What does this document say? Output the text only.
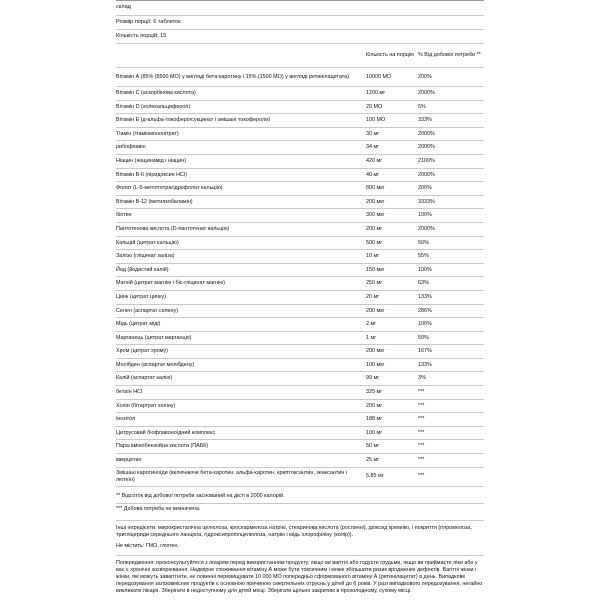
склад
Розмір порції: 6 таблеток
Кількість порцій: 15
Кількість на порцію % Від добової потреби **
Вітамін А (85% (8500 МО) у вигляді бета-каротину і 15% (1500 МО) у вигляді ретинілацетата)	10000 МО	200%
Вітамін С (аскорбінова кислота)	1200 мг	2000%
Вітамін D (холекальциферол)	20 МО	5%
Вітамін Е (д-альфа-токоферілсукцинат і змішані токофероли)	100 МО	333%
Тіамін (тіамінмононітрат)	30 мг	2000%
рибофлавін	34 мг	2000%
Ніацин (ніацинамід і ніацин)	420 мг	2100%
Вітамін В-6 (піридоксин HCl)	40 мг	2000%
Фолат (L-5-метілтетрагідрофолат кальцію)	800 мкг	200%
Вітамін В-12 (метилкобаламін)	200 мкг	3333%
біотин	300 мкг	100%
Пантотенова кислота (D-пантотенат кальцію)	200 мг	2000%
Кальцій (цитрат кальцію)	500 мг	50%
Залізо (гліцинат заліза)	10 мг	55%
Йод (йодистий калій)	150 мкг	100%
Магній (цитрат магнію і біс-гліцинат магнію)	250 мг	63%
Цинк (цитрат цинку)	20 мг	133%
Селен (аспартат селену)	200 мкг	286%
Мідь (цитрат міді)	2 мг	100%
Марганець (цитрат марганцю)	1 мг	50%
Хром (цитрат хрому)	200 мкг	167%
Молібден (аспартат молібдену)	100 мкг	133%
Калій (аспартат калію)	99 мг	3%
бетаїн HCl	325 мг	***
Холін (бітартрат холіну)	200 мг	***
інозітол	188 мг	***
Цитрусовий біофлавоноїдний комплекс	100 мг	***
Пара-амінобензойна кислота (ПАБК)	50 мг	***
кверцетин	25 мг	***
Змішані каротиноїди (включаючи бета-каротин, альфа-каротин, криптоксантин, зеаксантин і лютеїн)
5,85 мг	***
** Відсоток від добової потреби заснований на дієті в 2000 калорій.
*** Добова потреба не визначена.
Інші інгредієнти: мікрокристалічна целюлоза, кроскармелоза натрію, стеаринова кислота (рослинні), діоксид кремнію, і покриття (гіпромелоза, тригліцериди середнього ланцюга, гідроксипропілцелюлоза, натрію і мідь хлорофіліну (колір)).
Не містить: ГМО, глютен.
Попередження: проконсультуйтеся з лікарем перед використанням продукту, якщо ви вагітні або годуєте грудьми, якщо ви приймаєте ліки або у вас є хронічні захворювання. Надмірне споживання вітаміну А може бути токсичним і може збільшити ризик вроджених дефектів. Вагітні жінки і жінки, які можуть завагітніти, не повинні перевищувати 10 000 МО попередньо сформованого вітаміну А (ретинілацетат) в день. Випадкове передозування залізовмісних продуктів є основною причиною смертельних отруєнь у дітей до 6 років. У разі випадкового передозування, негайно викликати лікаря. Зберігати в недоступному для дітей місці. Зберігати щільно закритим в прохолодному, сухому місці.
